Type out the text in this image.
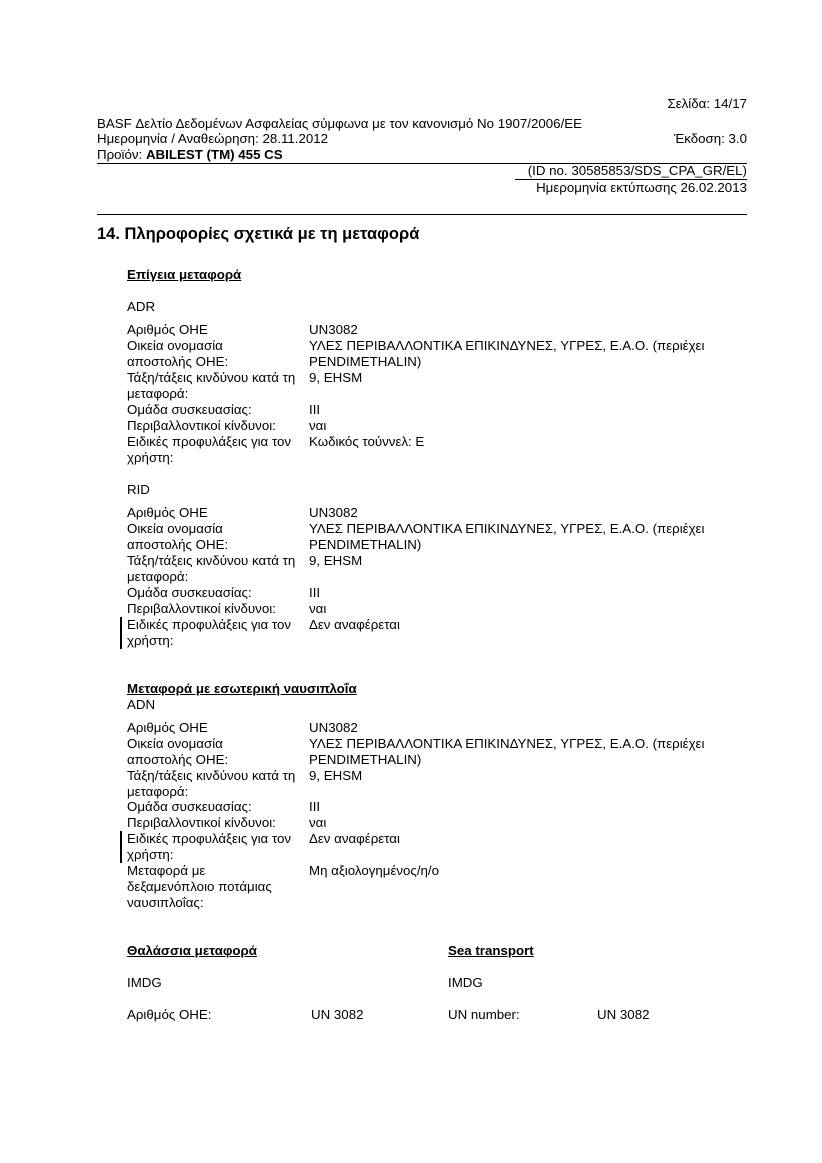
Σελίδα: 14/17
BASF Δελτίο Δεδομένων Ασφαλείας σύμφωνα με τον κανονισμό Νο 1907/2006/ΕΕ
Ημερομηνία / Αναθεώρηση: 28.11.2012	Έκδοση: 3.0
Προϊόν: ABILEST (TM) 455 CS
(ID no. 30585853/SDS_CPA_GR/EL)
Ημερομηνία εκτύπωσης 26.02.2013
14. Πληροφορίες σχετικά με τη μεταφορά
Επίγεια μεταφορά
ADR
Αριθμός ΟΗΕ	UN3082
Οικεία ονομασία αποστολής ΟΗΕ:
ΥΛΕΣ ΠΕΡΙΒΑΛΛΟΝΤΙΚΑ ΕΠΙΚΙΝΔΥΝΕΣ, ΥΓΡΕΣ, Ε.Α.Ο. (περιέχει PENDIMETHALIN)
Τάξη/τάξεις κινδύνου κατά τη μεταφορά:
9, EHSM
Ομάδα συσκευασίας:	III
Περιβαλλοντικοί κίνδυνοι:	ναι
Ειδικές προφυλάξεις για τον χρήστη:
Κωδικός τούννελ: E
RID
Αριθμός ΟΗΕ	UN3082
Οικεία ονομασία αποστολής ΟΗΕ:
ΥΛΕΣ ΠΕΡΙΒΑΛΛΟΝΤΙΚΑ ΕΠΙΚΙΝΔΥΝΕΣ, ΥΓΡΕΣ, Ε.Α.Ο. (περιέχει PENDIMETHALIN)
Τάξη/τάξεις κινδύνου κατά τη μεταφορά:
9, EHSM
Ομάδα συσκευασίας:	III
Περιβαλλοντικοί κίνδυνοι:	ναι
Ειδικές προφυλάξεις για τον χρήστη:
Δεν αναφέρεται
Μεταφορά με εσωτερική ναυσιπλοΐα
ADN
Αριθμός ΟΗΕ	UN3082
Οικεία ονομασία αποστολής ΟΗΕ:
ΥΛΕΣ ΠΕΡΙΒΑΛΛΟΝΤΙΚΑ ΕΠΙΚΙΝΔΥΝΕΣ, ΥΓΡΕΣ, Ε.Α.Ο. (περιέχει PENDIMETHALIN)
Τάξη/τάξεις κινδύνου κατά τη μεταφορά:
9, EHSM
Ομάδα συσκευασίας:	III
Περιβαλλοντικοί κίνδυνοι:	ναι
Ειδικές προφυλάξεις για τον χρήστη:
Δεν αναφέρεται
Μεταφορά με δεξαμενόπλοιο ποτάμιας ναυσιπλοΐας:
Μη αξιολογημένος/η/ο
Θαλάσσια μεταφορά	Sea transport
IMDG	IMDG
Αριθμός ΟΗΕ:	UN 3082	UN number:	UN 3082
